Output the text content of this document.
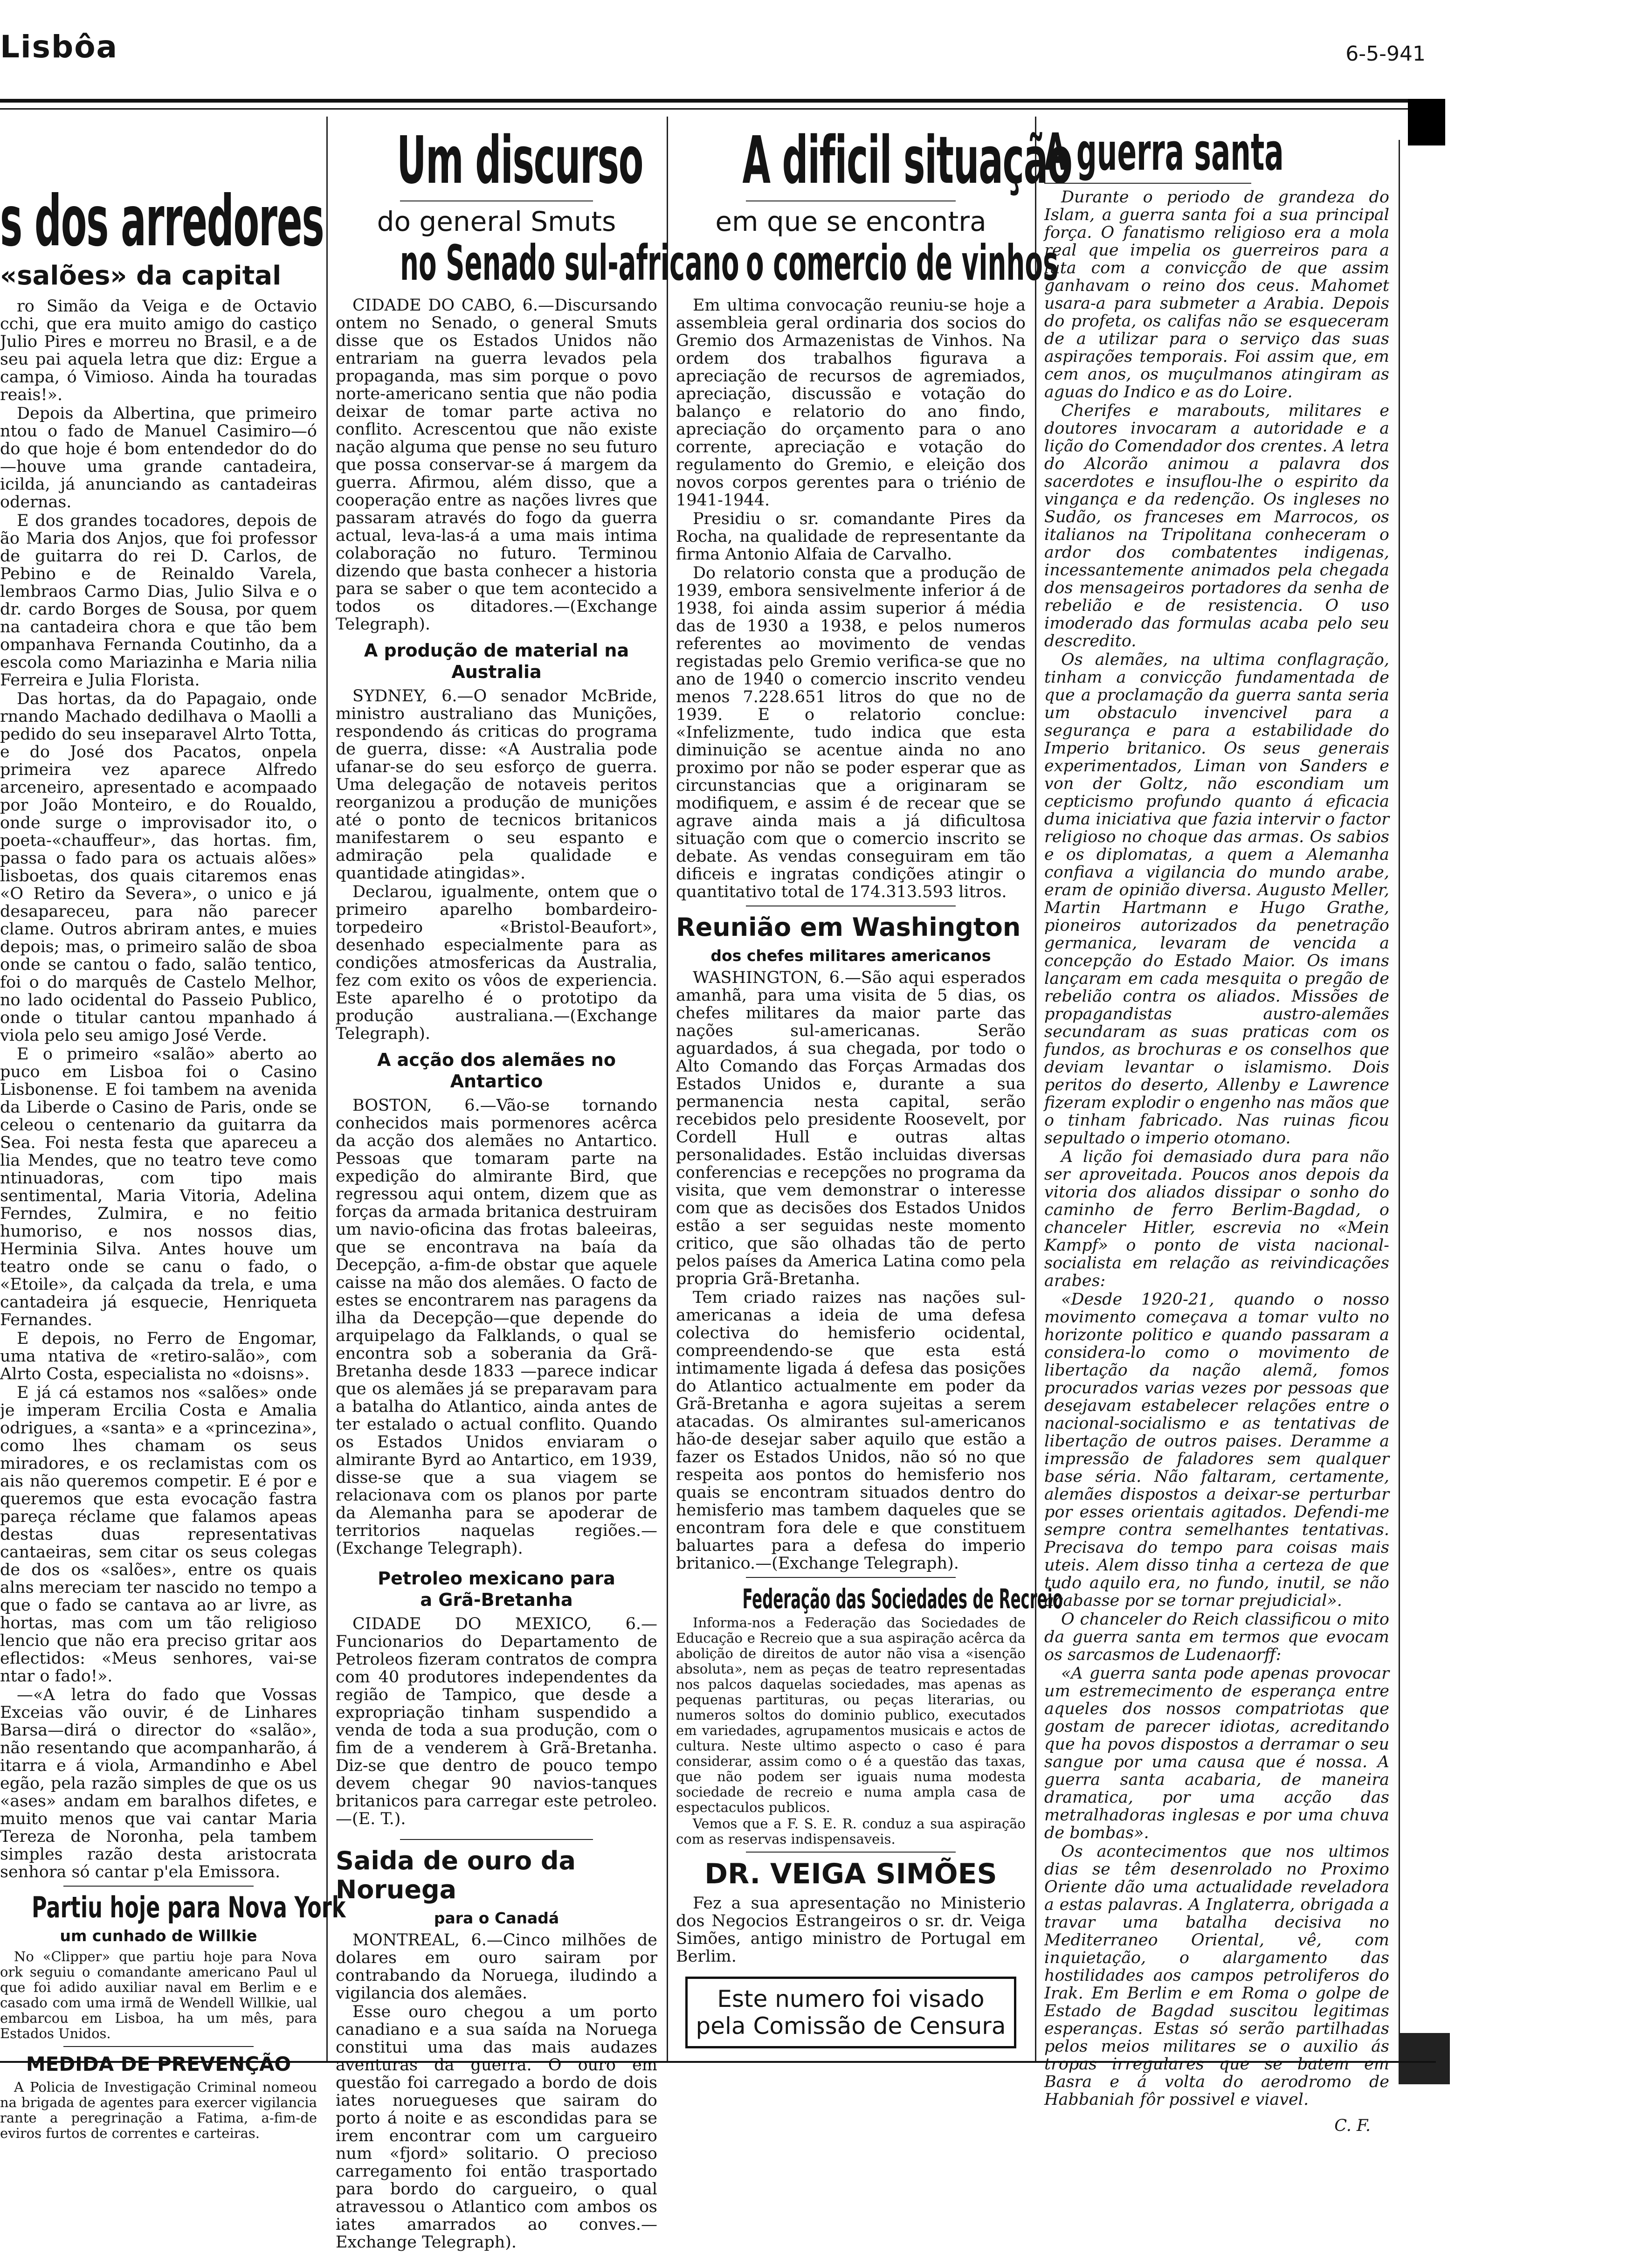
Lisbôa	6-5-941
s dos arredores
«salões» da capital

ro Simão da Veiga e de Octavio cchi, que era muito amigo do castiço Julio Pires e morreu no Brasil, e a de seu pai aquela letra que diz: Ergue a campa, ó Vimioso. Ainda ha touradas reais!».

Depois da Albertina, que primeiro ntou o fado de Manuel Casimiro—ó do que hoje é bom entendedor do do—houve uma grande cantadeira, icilda, já anunciando as cantadeiras odernas.

E dos grandes tocadores, depois de ão Maria dos Anjos, que foi professor de guitarra do rei D. Carlos, de Pebino e de Reinaldo Varela, lembraos Carmo Dias, Julio Silva e o dr. cardo Borges de Sousa, por quem na cantadeira chora e que tão bem ompanhava Fernanda Coutinho, da a escola como Mariazinha e Maria nilia Ferreira e Julia Florista.

Das hortas, da do Papagaio, onde rnando Machado dedilhava o Maolli a pedido do seu inseparavel Alrto Totta, e do José dos Pacatos, onpela primeira vez aparece Alfredo arceneiro, apresentado e acompaado por João Monteiro, e do Roualdo, onde surge o improvisador ito, o poeta-«chauffeur», das hortas. fim, passa o fado para os actuais alões» lisboetas, dos quais citaremos enas «O Retiro da Severa», o unico e já desapareceu, para não parecer clame. Outros abriram antes, e muies depois; mas, o primeiro salão de sboa onde se cantou o fado, salão tentico, foi o do marquês de Castelo Melhor, no lado ocidental do Passeio Publico, onde o titular cantou mpanhado á viola pelo seu amigo José Verde.

E o primeiro «salão» aberto ao puco em Lisboa foi o Casino Lisbonense. E foi tambem na avenida da Liberde o Casino de Paris, onde se celeou o centenario da guitarra da Sea. Foi nesta festa que apareceu a lia Mendes, que no teatro teve como ntinuadoras, com tipo mais sentimental, Maria Vitoria, Adelina Ferndes, Zulmira, e no feitio humoriso, e nos nossos dias, Herminia Silva. Antes houve um teatro onde se canu o fado, o «Etoile», da calçada da trela, e uma cantadeira já esquecie, Henriqueta Fernandes.

E depois, no Ferro de Engomar, uma ntativa de «retiro-salão», com Alrto Costa, especialista no «doisns».

E já cá estamos nos «salões» onde je imperam Ercilia Costa e Amalia odrigues, a «santa» e a «princezina», como lhes chamam os seus miradores, e os reclamistas com os ais não queremos competir. E é por e queremos que esta evocação fastra pareça réclame que falamos apeas destas duas representativas cantaeiras, sem citar os seus colegas de dos os «salões», entre os quais alns mereciam ter nascido no tempo a que o fado se cantava ao ar livre, as hortas, mas com um tão religioso lencio que não era preciso gritar aos eflectidos: «Meus senhores, vai-se ntar o fado!».

—«A letra do fado que Vossas Exceias vão ouvir, é de Linhares Barsa—dirá o director do «salão», não resentando que acompanharão, á itarra e á viola, Armandinho e Abel egão, pela razão simples de que os us «ases» andam em baralhos difetes, e muito menos que vai cantar Maria Tereza de Noronha, pela tambem simples razão desta aristocrata senhora só cantar p'ela Emissora.

Partiu hoje para Nova York
um cunhado de Willkie

No «Clipper» que partiu hoje para Nova ork seguiu o comandante americano Paul ul que foi adido auxiliar naval em Berlim e e casado com uma irmã de Wendell Willkie, ual embarcou em Lisboa, ha um mês, para Estados Unidos.

MEDIDA DE PREVENÇÃO

A Policia de Investigação Criminal nomeou na brigada de agentes para exercer vigilancia rante a peregrinação a Fatima, a-fim-de eviros furtos de correntes e carteiras.

Um discurso
do general Smuts
no Senado sul-africano

CIDADE DO CABO, 6.—Discursando ontem no Senado, o general Smuts disse que os Estados Unidos não entrariam na guerra levados pela propaganda, mas sim porque o povo norte-americano sentia que não podia deixar de tomar parte activa no conflito. Acrescentou que não existe nação alguma que pense no seu futuro que possa conservar-se á margem da guerra. Afirmou, além disso, que a cooperação entre as nações livres que passaram através do fogo da guerra actual, leva-las-á a uma mais intima colaboração no futuro. Terminou dizendo que basta conhecer a historia para se saber o que tem acontecido a todos os ditadores.—(Exchange Telegraph).

A produção de material na Australia

SYDNEY, 6.—O senador McBride, ministro australiano das Munições, respondendo ás criticas do programa de guerra, disse: «A Australia pode ufanar-se do seu esforço de guerra. Uma delegação de notaveis peritos reorganizou a produção de munições até o ponto de tecnicos britanicos manifestarem o seu espanto e admiração pela qualidade e quantidade atingidas».

Declarou, igualmente, ontem que o primeiro aparelho bombardeiro-torpedeiro «Bristol-Beaufort», desenhado especialmente para as condições atmosfericas da Australia, fez com exito os vôos de experiencia. Este aparelho é o prototipo da produção australiana.—(Exchange Telegraph).

A acção dos alemães no Antartico

BOSTON, 6.—Vão-se tornando conhecidos mais pormenores acêrca da acção dos alemães no Antartico. Pessoas que tomaram parte na expedição do almirante Bird, que regressou aqui ontem, dizem que as forças da armada britanica destruiram um navio-oficina das frotas baleeiras, que se encontrava na baía da Decepção, a-fim-de obstar que aquele caisse na mão dos alemães. O facto de estes se encontrarem nas paragens da ilha da Decepção—que depende do arquipelago da Falklands, o qual se encontra sob a soberania da Grã-Bretanha desde 1833 —parece indicar que os alemães já se preparavam para a batalha do Atlantico, ainda antes de ter estalado o actual conflito. Quando os Estados Unidos enviaram o almirante Byrd ao Antartico, em 1939, disse-se que a sua viagem se relacionava com os planos por parte da Alemanha para se apoderar de territorios naquelas regiões.—(Exchange Telegraph).

Petroleo mexicano para
a Grã-Bretanha

CIDADE DO MEXICO, 6.—Funcionarios do Departamento de Petroleos fizeram contratos de compra com 40 produtores independentes da região de Tampico, que desde a expropriação tinham suspendido a venda de toda a sua produção, com o fim de a venderem à Grã-Bretanha. Diz-se que dentro de pouco tempo devem chegar 90 navios-tanques britanicos para carregar este petroleo.—(E. T.).

Saida de ouro da Noruega
para o Canadá

MONTREAL, 6.—Cinco milhões de dolares em ouro sairam por contrabando da Noruega, iludindo a vigilancia dos alemães.

Esse ouro chegou a um porto canadiano e a sua saída na Noruega constitui uma das mais audazes aventuras da guerra. O ouro em questão foi carregado a bordo de dois iates noruegueses que sairam do porto á noite e as escondidas para se irem encontrar com um cargueiro num «fjord» solitario. O precioso carregamento foi então trasportado para bordo do cargueiro, o qual atravessou o Atlantico com ambos os iates amarrados ao conves.—Exchange Telegraph).

A dificil situação
em que se encontra
o comercio de vinhos

Em ultima convocação reuniu-se hoje a assembleia geral ordinaria dos socios do Gremio dos Armazenistas de Vinhos. Na ordem dos trabalhos figurava a apreciação de recursos de agremiados, apreciação, discussão e votação do balanço e relatorio do ano findo, apreciação do orçamento para o ano corrente, apreciação e votação do regulamento do Gremio, e eleição dos novos corpos gerentes para o triénio de 1941-1944.

Presidiu o sr. comandante Pires da Rocha, na qualidade de representante da firma Antonio Alfaia de Carvalho.

Do relatorio consta que a produção de 1939, embora sensivelmente inferior á de 1938, foi ainda assim superior á média das de 1930 a 1938, e pelos numeros referentes ao movimento de vendas registadas pelo Gremio verifica-se que no ano de 1940 o comercio inscrito vendeu menos 7.228.651 litros do que no de 1939. E o relatorio conclue: «Infelizmente, tudo indica que esta diminuição se acentue ainda no ano proximo por não se poder esperar que as circunstancias que a originaram se modifiquem, e assim é de recear que se agrave ainda mais a já dificultosa situação com que o comercio inscrito se debate. As vendas conseguiram em tão dificeis e ingratas condições atingir o quantitativo total de 174.313.593 litros.

Reunião em Washington
dos chefes militares americanos

WASHINGTON, 6.—São aqui esperados amanhã, para uma visita de 5 dias, os chefes militares da maior parte das nações sul-americanas. Serão aguardados, á sua chegada, por todo o Alto Comando das Forças Armadas dos Estados Unidos e, durante a sua permanencia nesta capital, serão recebidos pelo presidente Roosevelt, por Cordell Hull e outras altas personalidades. Estão incluidas diversas conferencias e recepções no programa da visita, que vem demonstrar o interesse com que as decisões dos Estados Unidos estão a ser seguidas neste momento critico, que são olhadas tão de perto pelos países da America Latina como pela propria Grã-Bretanha.

Tem criado raizes nas nações sul-americanas a ideia de uma defesa colectiva do hemisferio ocidental, compreendendo-se que esta está intimamente ligada á defesa das posições do Atlantico actualmente em poder da Grã-Bretanha e agora sujeitas a serem atacadas. Os almirantes sul-americanos hão-de desejar saber aquilo que estão a fazer os Estados Unidos, não só no que respeita aos pontos do hemisferio nos quais se encontram situados dentro do hemisferio mas tambem daqueles que se encontram fora dele e que constituem baluartes para a defesa do imperio britanico.—(Exchange Telegraph).

Federação das Sociedades de Recreio

Informa-nos a Federação das Sociedades de Educação e Recreio que a sua aspiração acêrca da abolição de direitos de autor não visa a «isenção absoluta», nem as peças de teatro representadas nos palcos daquelas sociedades, mas apenas as pequenas partituras, ou peças literarias, ou numeros soltos do dominio publico, executados em variedades, agrupamentos musicais e actos de cultura. Neste ultimo aspecto o caso é para considerar, assim como o é a questão das taxas, que não podem ser iguais numa modesta sociedade de recreio e numa ampla casa de espectaculos publicos.

Vemos que a F. S. E. R. conduz a sua aspiração com as reservas indispensaveis.

DR. VEIGA SIMÕES

Fez a sua apresentação no Ministerio dos Negocios Estrangeiros o sr. dr. Veiga Simões, antigo ministro de Portugal em Berlim.

Este numero foi visado
pela Comissão de Censura
A guerra santa

Durante o periodo de grandeza do Islam, a guerra santa foi a sua principal força. O fanatismo religioso era a mola real que impelia os guerreiros para a luta com a convicção de que assim ganhavam o reino dos ceus. Mahomet usara-a para submeter a Arabia. Depois do profeta, os califas não se esqueceram de a utilizar para o serviço das suas aspirações temporais. Foi assim que, em cem anos, os muçulmanos atingiram as aguas do Indico e as do Loire.

Cherifes e marabouts, militares e doutores invocaram a autoridade e a lição do Comendador dos crentes. A letra do Alcorão animou a palavra dos sacerdotes e insuflou-lhe o espirito da vingança e da redenção. Os ingleses no Sudão, os franceses em Marrocos, os italianos na Tripolitana conheceram o ardor dos combatentes indigenas, incessantemente animados pela chegada dos mensageiros portadores da senha de rebelião e de resistencia. O uso imoderado das formulas acaba pelo seu descredito.

Os alemães, na ultima conflagração, tinham a convicção fundamentada de que a proclamação da guerra santa seria um obstaculo invencivel para a segurança e para a estabilidade do Imperio britanico. Os seus generais experimentados, Liman von Sanders e von der Goltz, não escondiam um cepticismo profundo quanto á eficacia duma iniciativa que fazia intervir o factor religioso no choque das armas. Os sabios e os diplomatas, a quem a Alemanha confiava a vigilancia do mundo arabe, eram de opinião diversa. Augusto Meller, Martin Hartmann e Hugo Grathe, pioneiros autorizados da penetração germanica, levaram de vencida a concepção do Estado Maior. Os imans lançaram em cada mesquita o pregão de rebelião contra os aliados. Missões de propagandistas austro-alemães secundaram as suas praticas com os fundos, as brochuras e os conselhos que deviam levantar o islamismo. Dois peritos do deserto, Allenby e Lawrence fizeram explodir o engenho nas mãos que o tinham fabricado. Nas ruinas ficou sepultado o imperio otomano.

A lição foi demasiado dura para não ser aproveitada. Poucos anos depois da vitoria dos aliados dissipar o sonho do caminho de ferro Berlim-Bagdad, o chanceler Hitler, escrevia no «Mein Kampf» o ponto de vista nacional-socialista em relação as reivindicações arabes:

«Desde 1920-21, quando o nosso movimento começava a tomar vulto no horizonte politico e quando passaram a considera-lo como o movimento de libertação da nação alemã, fomos procurados varias vezes por pessoas que desejavam estabelecer relações entre o nacional-socialismo e as tentativas de libertação de outros paises. Deramme a impressão de faladores sem qualquer base séria. Não faltaram, certamente, alemães dispostos a deixar-se perturbar por esses orientais agitados. Defendi-me sempre contra semelhantes tentativas. Precisava do tempo para coisas mais uteis. Alem disso tinha a certeza de que tudo aquilo era, no fundo, inutil, se não acabasse por se tornar prejudicial».

O chanceler do Reich classificou o mito da guerra santa em termos que evocam os sarcasmos de Ludenaorff:

«A guerra santa pode apenas provocar um estremecimento de esperança entre aqueles dos nossos compatriotas que gostam de parecer idiotas, acreditando que ha povos dispostos a derramar o seu sangue por uma causa que é nossa. A guerra santa acabaria, de maneira dramatica, por uma acção das metralhadoras inglesas e por uma chuva de bombas».

Os acontecimentos que nos ultimos dias se têm desenrolado no Proximo Oriente dão uma actualidade reveladora a estas palavras. A Inglaterra, obrigada a travar uma batalha decisiva no Mediterraneo Oriental, vê, com inquietação, o alargamento das hostilidades aos campos petroliferos do Irak. Em Berlim e em Roma o golpe de Estado de Bagdad suscitou legitimas esperanças. Estas só serão partilhadas pelos meios militares se o auxilio ás tropas irregulares que se batem em Basra e á volta do aerodromo de Habbaniah fôr possivel e viavel.

C. F.
